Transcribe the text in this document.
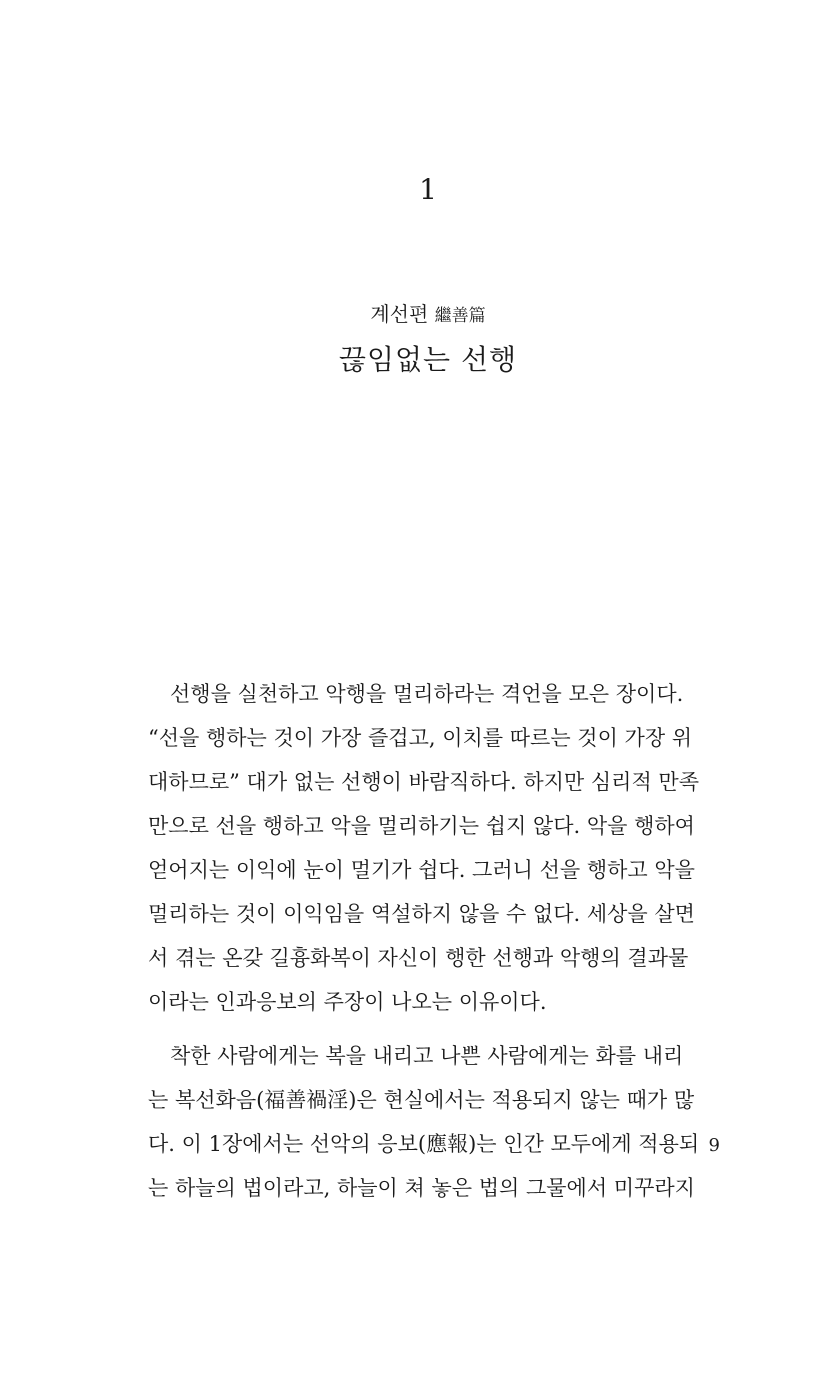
1
계선편 繼善篇
끊임없는 선행
선행을 실천하고 악행을 멀리하라는 격언을 모은 장이다.
“선을 행하는 것이 가장 즐겁고, 이치를 따르는 것이 가장 위
대하므로” 대가 없는 선행이 바람직하다. 하지만 심리적 만족
만으로 선을 행하고 악을 멀리하기는 쉽지 않다. 악을 행하여
얻어지는 이익에 눈이 멀기가 쉽다. 그러니 선을 행하고 악을
멀리하는 것이 이익임을 역설하지 않을 수 없다. 세상을 살면
서 겪는 온갖 길흉화복이 자신이 행한 선행과 악행의 결과물
이라는 인과응보의 주장이 나오는 이유이다.
착한 사람에게는 복을 내리고 나쁜 사람에게는 화를 내리
는 복선화음(福善禍淫)은 현실에서는 적용되지 않는 때가 많
다. 이 1장에서는 선악의 응보(應報)는 인간 모두에게 적용되
는 하늘의 법이라고, 하늘이 쳐 놓은 법의 그물에서 미꾸라지
9
